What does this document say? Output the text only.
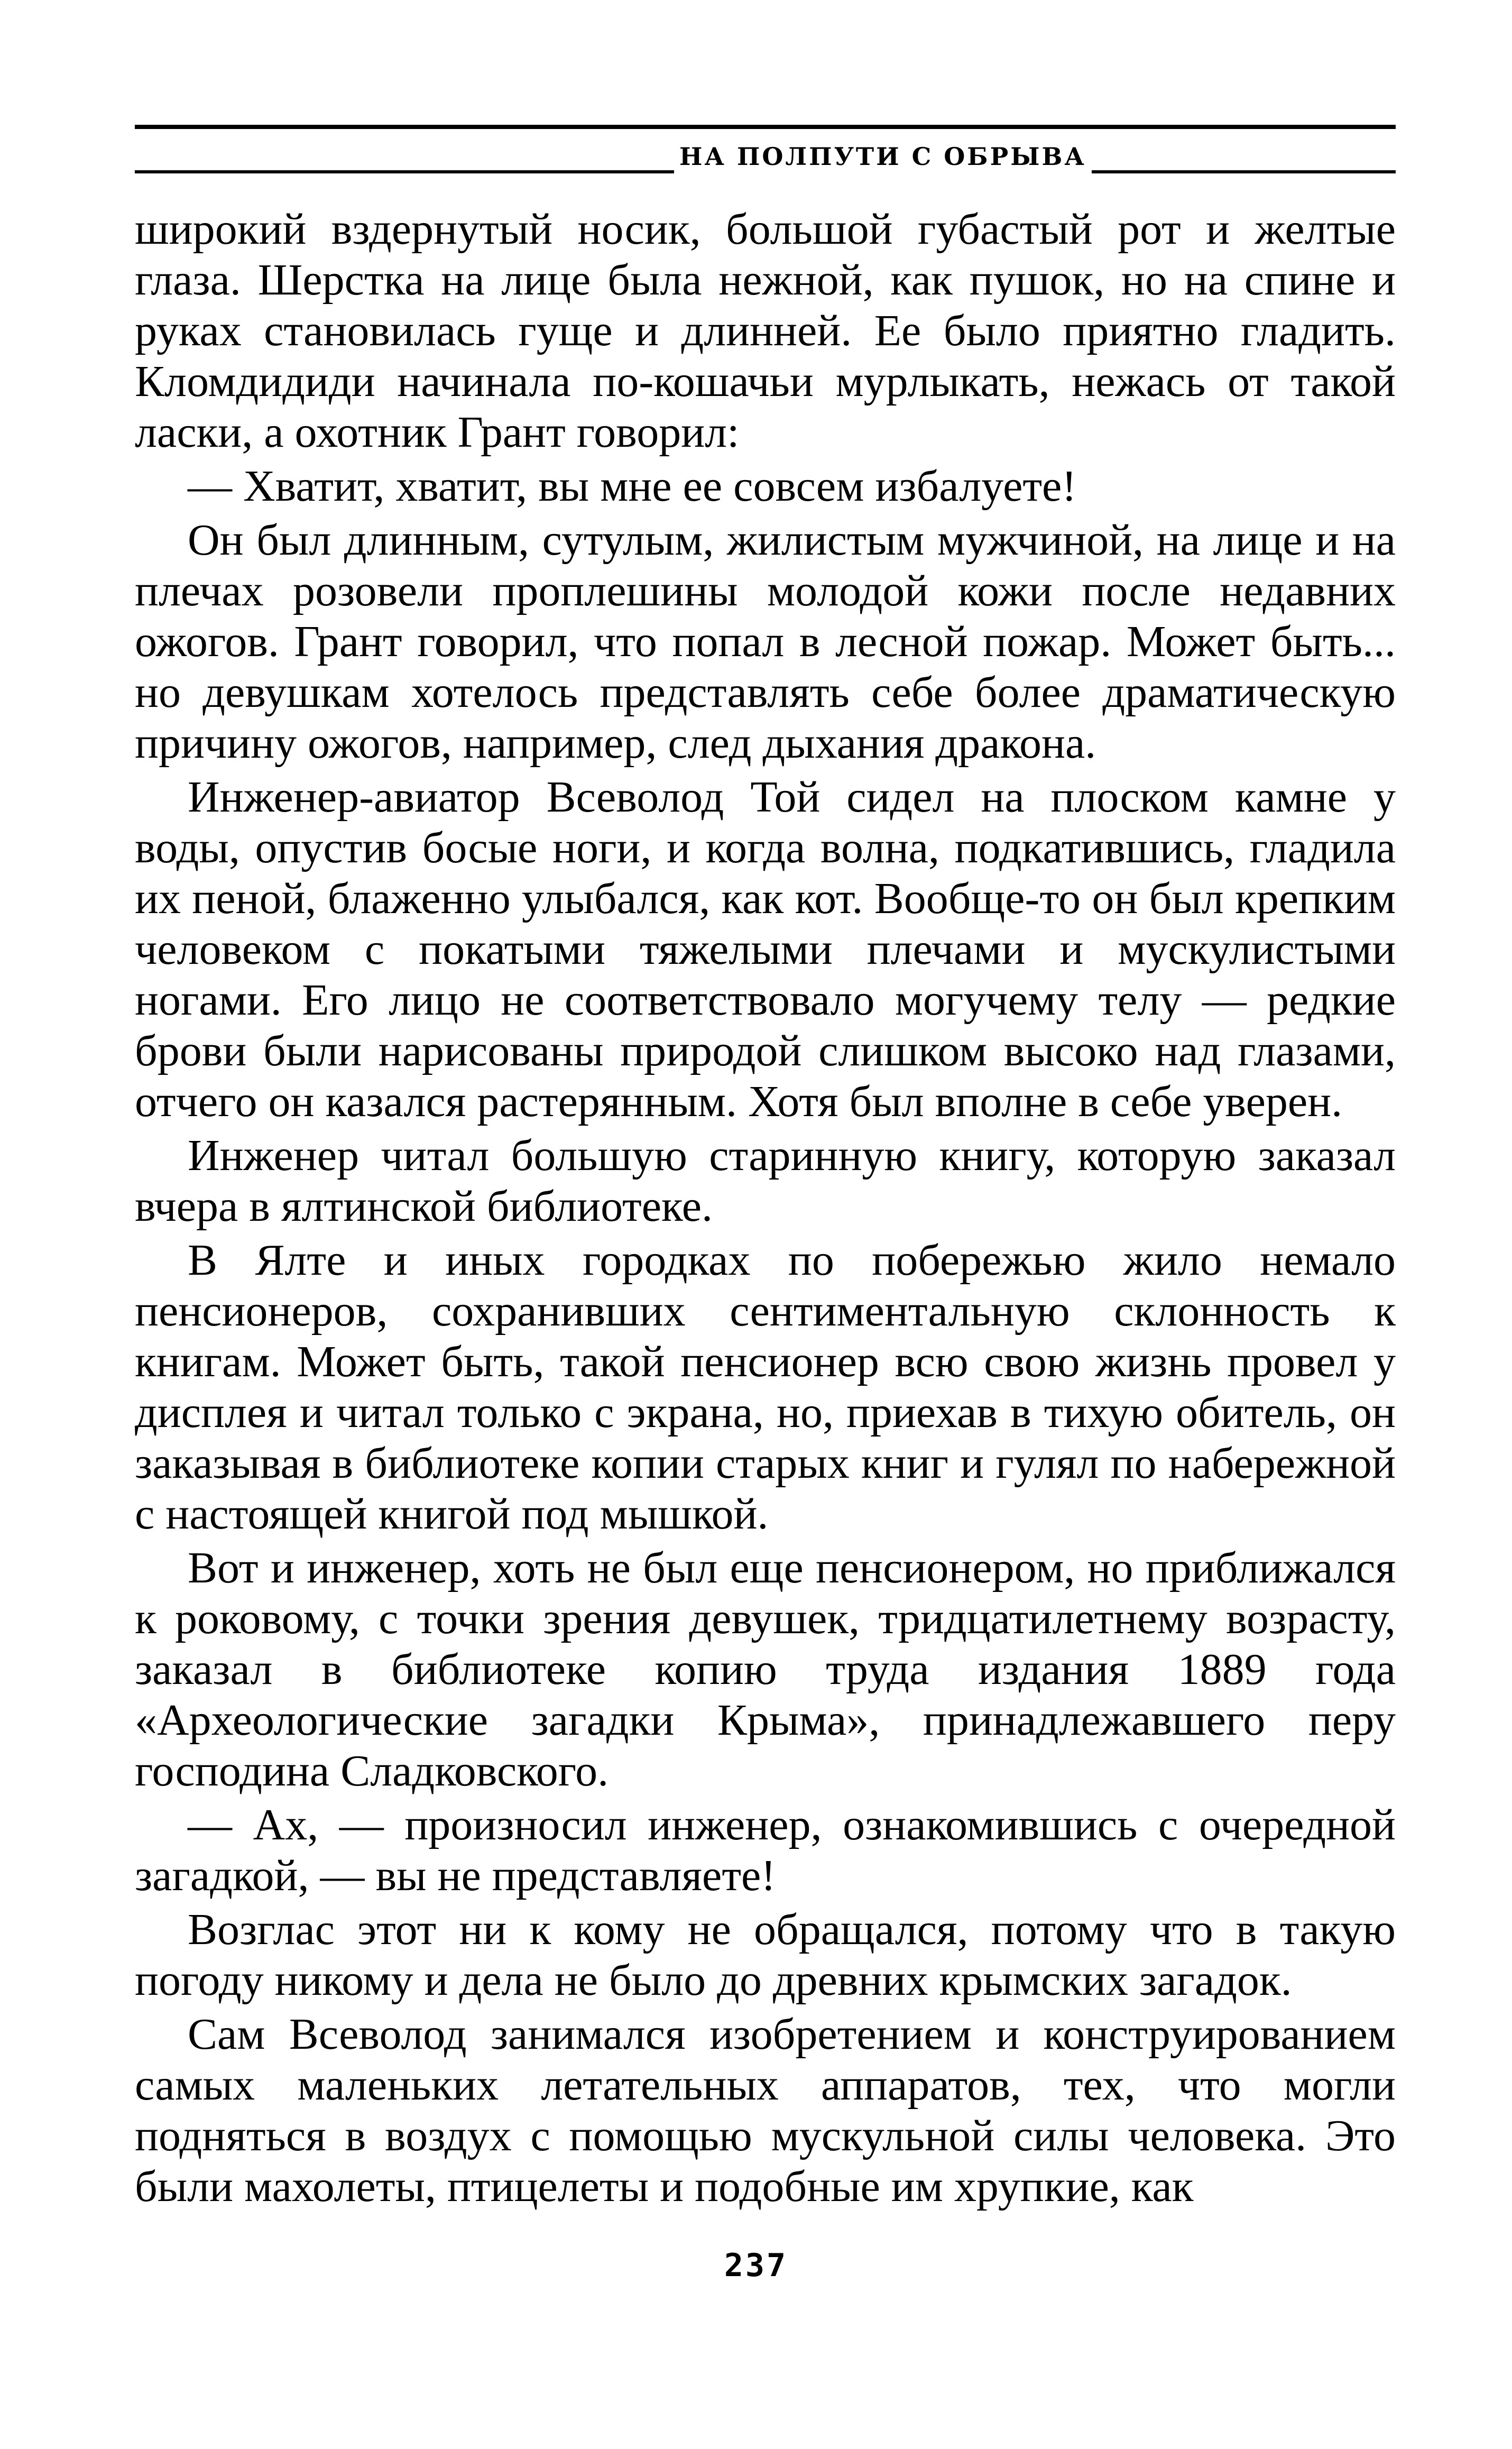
НА ПОЛПУТИ С ОБРЫВА

широкий вздернутый носик, большой губастый рот и желтые глаза. Шерстка на лице была нежной, как пушок, но на спине и руках становилась гуще и длинней. Ее было приятно гладить. Кломдидиди начинала по-кошачьи мурлыкать, нежась от такой ласки, а охотник Грант говорил:

— Хватит, хватит, вы мне ее совсем избалуете!

Он был длинным, сутулым, жилистым мужчиной, на лице и на плечах розовели проплешины молодой кожи после недавних ожогов. Грант говорил, что попал в лесной пожар. Может быть... но девушкам хотелось представлять себе более драматическую причину ожогов, например, след дыхания дракона.

Инженер-авиатор Всеволод Той сидел на плоском камне у воды, опустив босые ноги, и когда волна, подкатившись, гладила их пеной, блаженно улыбался, как кот. Вообще-то он был крепким человеком с покатыми тяжелыми плечами и мускулистыми ногами. Его лицо не соответствовало могучему телу — редкие брови были нарисованы природой слишком высоко над глазами, отчего он казался растерянным. Хотя был вполне в себе уверен.

Инженер читал большую старинную книгу, которую заказал вчера в ялтинской библиотеке.

В Ялте и иных городках по побережью жило немало пенсионеров, сохранивших сентиментальную склонность к книгам. Может быть, такой пенсионер всю свою жизнь провел у дисплея и читал только с экрана, но, приехав в тихую обитель, он заказывая в библиотеке копии старых книг и гулял по набережной с настоящей книгой под мышкой.

Вот и инженер, хоть не был еще пенсионером, но приближался к роковому, с точки зрения девушек, тридцатилетнему возрасту, заказал в библиотеке копию труда издания 1889 года «Археологические загадки Крыма», принадлежавшего перу господина Сладковского.

— Ах, — произносил инженер, ознакомившись с очередной загадкой, — вы не представляете!

Возглас этот ни к кому не обращался, потому что в такую погоду никому и дела не было до древних крымских загадок.

Сам Всеволод занимался изобретением и конструированием самых маленьких летательных аппаратов, тех, что могли подняться в воздух с помощью мускульной силы человека. Это были махолеты, птицелеты и подобные им хрупкие, как

237
